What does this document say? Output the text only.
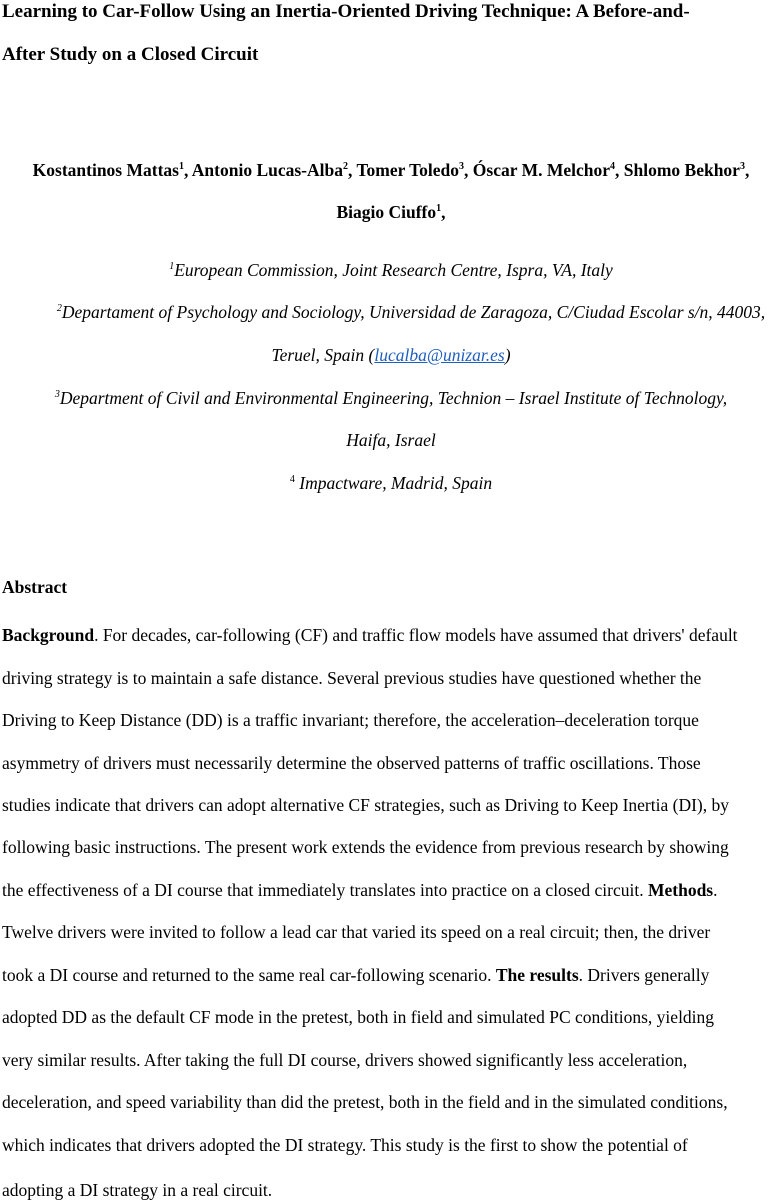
Learning to Car-Follow Using an Inertia-Oriented Driving Technique: A Before-and-
After Study on a Closed Circuit
Kostantinos Mattas$^1$, Antonio Lucas-Alba$^2$, Tomer Toledo$^3$, Óscar M. Melchor$^4$, Shlomo Bekhor$^3$,
Biagio Ciuffo$^1$,
$^1$European Commission, Joint Research Centre, Ispra, VA, Italy
$^2$Departament of Psychology and Sociology, Universidad de Zaragoza, C/Ciudad Escolar s/n, 44003,
Teruel, Spain (lucalba@unizar.es)
$^3$Department of Civil and Environmental Engineering, Technion – Israel Institute of Technology,
Haifa, Israel
$^4$ Impactware, Madrid, Spain
Abstract
Background. For decades, car-following (CF) and traffic flow models have assumed that drivers' default
driving strategy is to maintain a safe distance. Several previous studies have questioned whether the
Driving to Keep Distance (DD) is a traffic invariant; therefore, the acceleration–deceleration torque
asymmetry of drivers must necessarily determine the observed patterns of traffic oscillations. Those
studies indicate that drivers can adopt alternative CF strategies, such as Driving to Keep Inertia (DI), by
following basic instructions. The present work extends the evidence from previous research by showing
the effectiveness of a DI course that immediately translates into practice on a closed circuit. Methods.
Twelve drivers were invited to follow a lead car that varied its speed on a real circuit; then, the driver
took a DI course and returned to the same real car-following scenario. The results. Drivers generally
adopted DD as the default CF mode in the pretest, both in field and simulated PC conditions, yielding
very similar results. After taking the full DI course, drivers showed significantly less acceleration,
deceleration, and speed variability than did the pretest, both in the field and in the simulated conditions,
which indicates that drivers adopted the DI strategy. This study is the first to show the potential of
adopting a DI strategy in a real circuit.
